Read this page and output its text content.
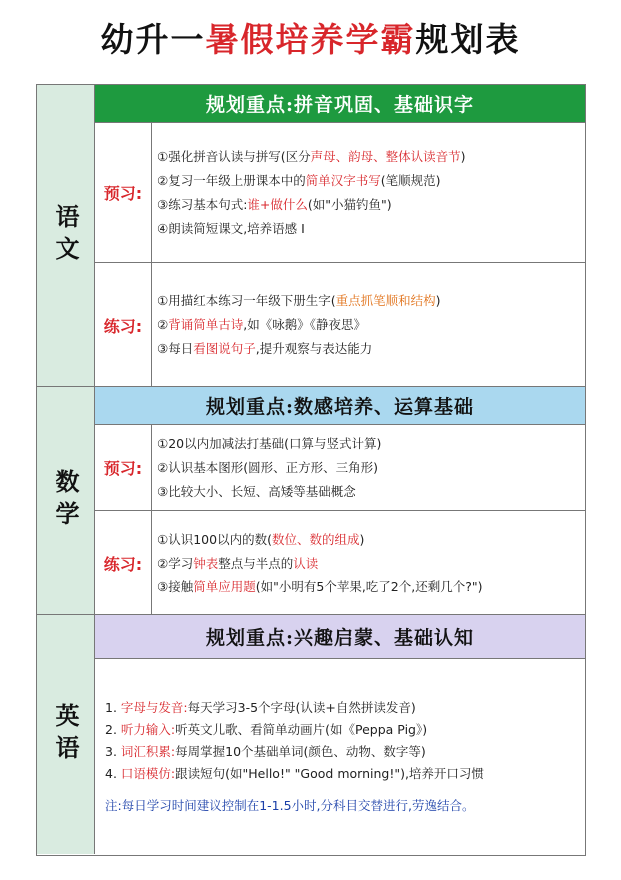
幼升一暑假培养学霸规划表
语文
规划重点:拼音巩固、基础识字
预习:
①强化拼音认读与拼写(区分声母、韵母、整体认读音节)
②复习一年级上册课本中的简单汉字书写(笔顺规范)
③练习基本句式:谁+做什么(如"小猫钓鱼")
④朗读简短课文,培养语感 I
练习:
①用描红本练习一年级下册生字(重点抓笔顺和结构)
②背诵简单古诗,如《咏鹅》《静夜思》
③每日看图说句子,提升观察与表达能力
数学
规划重点:数感培养、运算基础
预习:
①20以内加减法打基础(口算与竖式计算)
②认识基本图形(圆形、正方形、三角形)
③比较大小、长短、高矮等基础概念
练习:
①认识100以内的数(数位、数的组成)
②学习钟表整点与半点的认读
③接触简单应用题(如"小明有5个苹果,吃了2个,还剩几个?")
英语
规划重点:兴趣启蒙、基础认知
1. 字母与发音:每天学习3-5个字母(认读+自然拼读发音)
2. 听力输入:听英文儿歌、看简单动画片(如《Peppa Pig》)
3. 词汇积累:每周掌握10个基础单词(颜色、动物、数字等)
4. 口语模仿:跟读短句(如"Hello!" "Good morning!"),培养开口习惯
注:每日学习时间建议控制在1-1.5小时,分科目交替进行,劳逸结合。
